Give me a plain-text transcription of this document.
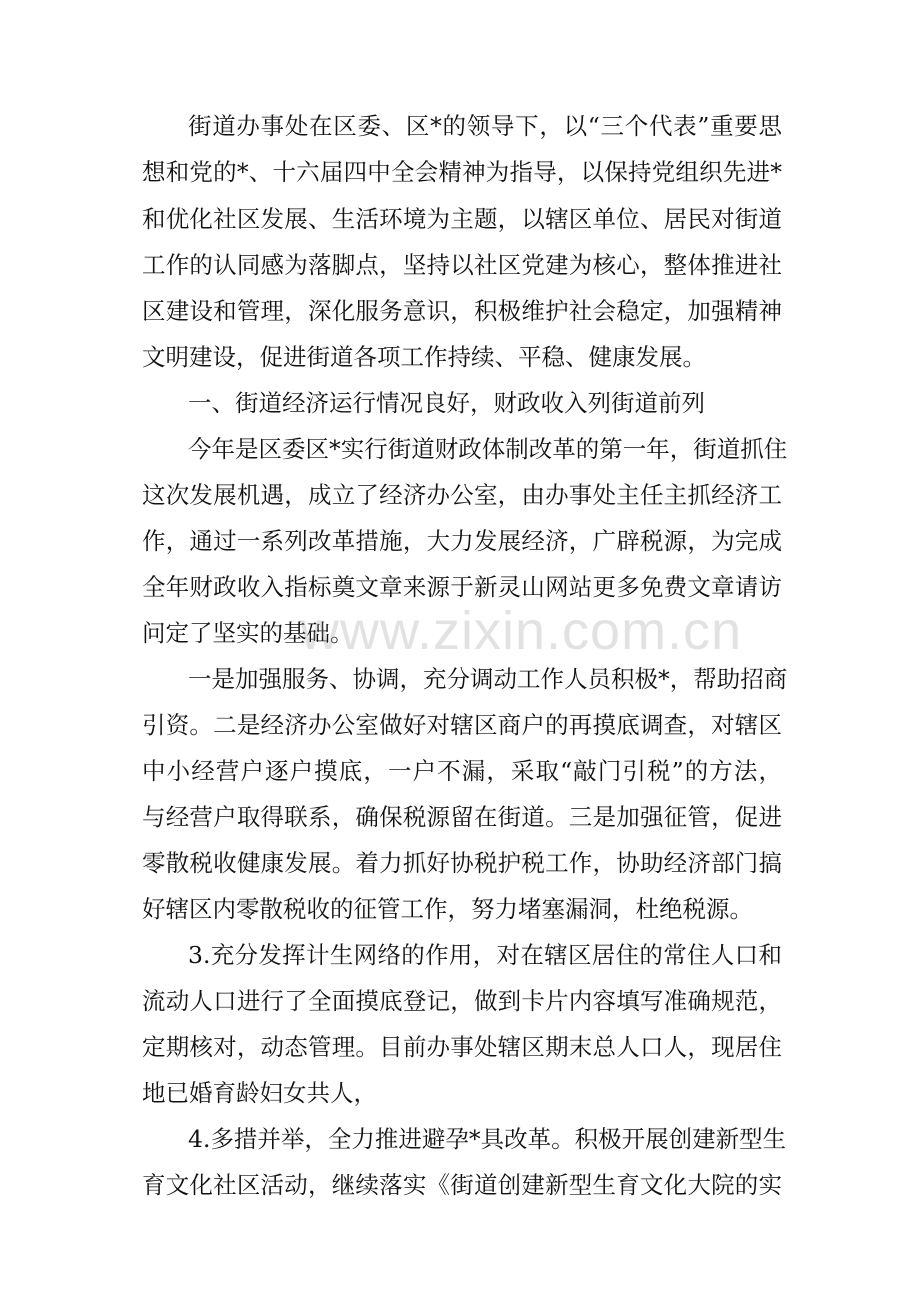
街道办事处在区委、区*的领导下，以“三个代表”重要思
想和党的*、十六届四中全会精神为指导，以保持党组织先进*
和优化社区发展、生活环境为主题，以辖区单位、居民对街道
工作的认同感为落脚点，坚持以社区党建为核心，整体推进社
区建设和管理，深化服务意识，积极维护社会稳定，加强精神
文明建设，促进街道各项工作持续、平稳、健康发展。
一、街道经济运行情况良好，财政收入列街道前列
今年是区委区*实行街道财政体制改革的第一年，街道抓住
这次发展机遇，成立了经济办公室，由办事处主任主抓经济工
作，通过一系列改革措施，大力发展经济，广辟税源，为完成
全年财政收入指标奠文章来源于新灵山网站更多免费文章请访
问定了坚实的基础。
一是加强服务、协调，充分调动工作人员积极*，帮助招商
引资。二是经济办公室做好对辖区商户的再摸底调查，对辖区
中小经营户逐户摸底，一户不漏，采取“敲门引税”的方法，
与经营户取得联系，确保税源留在街道。三是加强征管，促进
零散税收健康发展。着力抓好协税护税工作，协助经济部门搞
好辖区内零散税收的征管工作，努力堵塞漏洞，杜绝税源。
3.充分发挥计生网络的作用，对在辖区居住的常住人口和
流动人口进行了全面摸底登记，做到卡片内容填写准确规范，
定期核对，动态管理。目前办事处辖区期末总人口人，现居住
地已婚育龄妇女共人，
4.多措并举，全力推进避孕*具改革。积极开展创建新型生
育文化社区活动，继续落实《街道创建新型生育文化大院的实
www.zixin.com.cn
